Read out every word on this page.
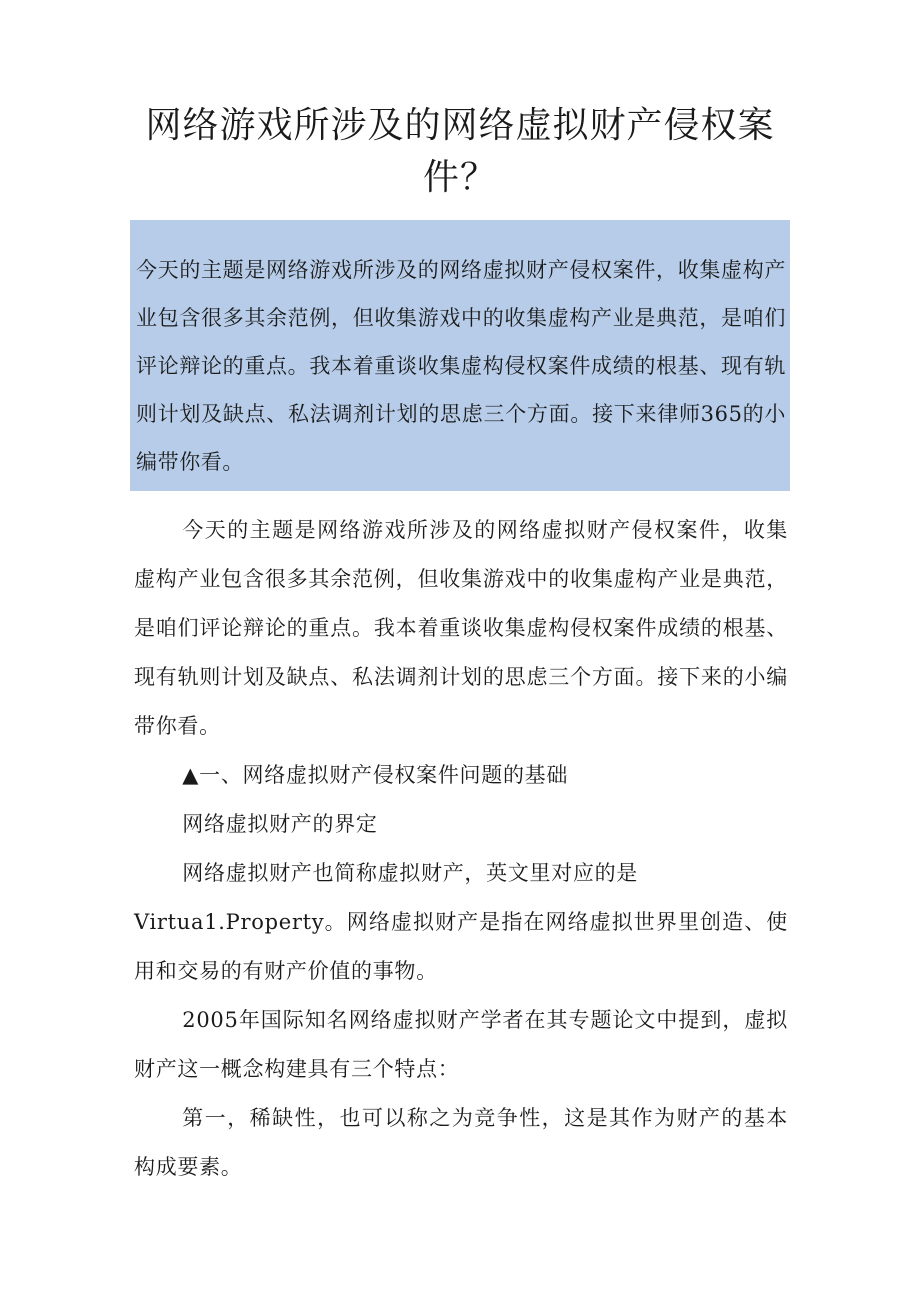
网络游戏所涉及的网络虚拟财产侵权案件？
今天的主题是网络游戏所涉及的网络虚拟财产侵权案件，收集虚构产业包含很多其余范例，但收集游戏中的收集虚构产业是典范，是咱们评论辩论的重点。我本着重谈收集虚构侵权案件成绩的根基、现有轨则计划及缺点、私法调剂计划的思虑三个方面。接下来律师365的小编带你看。

今天的主题是网络游戏所涉及的网络虚拟财产侵权案件，收集虚构产业包含很多其余范例，但收集游戏中的收集虚构产业是典范，是咱们评论辩论的重点。我本着重谈收集虚构侵权案件成绩的根基、现有轨则计划及缺点、私法调剂计划的思虑三个方面。接下来的小编带你看。

▲一、网络虚拟财产侵权案件问题的基础

网络虚拟财产的界定

网络虚拟财产也简称虚拟财产，英文里对应的是

Virtua1.Property。网络虚拟财产是指在网络虚拟世界里创造、使用和交易的有财产价值的事物。

2005年国际知名网络虚拟财产学者在其专题论文中提到，虚拟财产这一概念构建具有三个特点：

第一，稀缺性，也可以称之为竞争性，这是其作为财产的基本构成要素。
